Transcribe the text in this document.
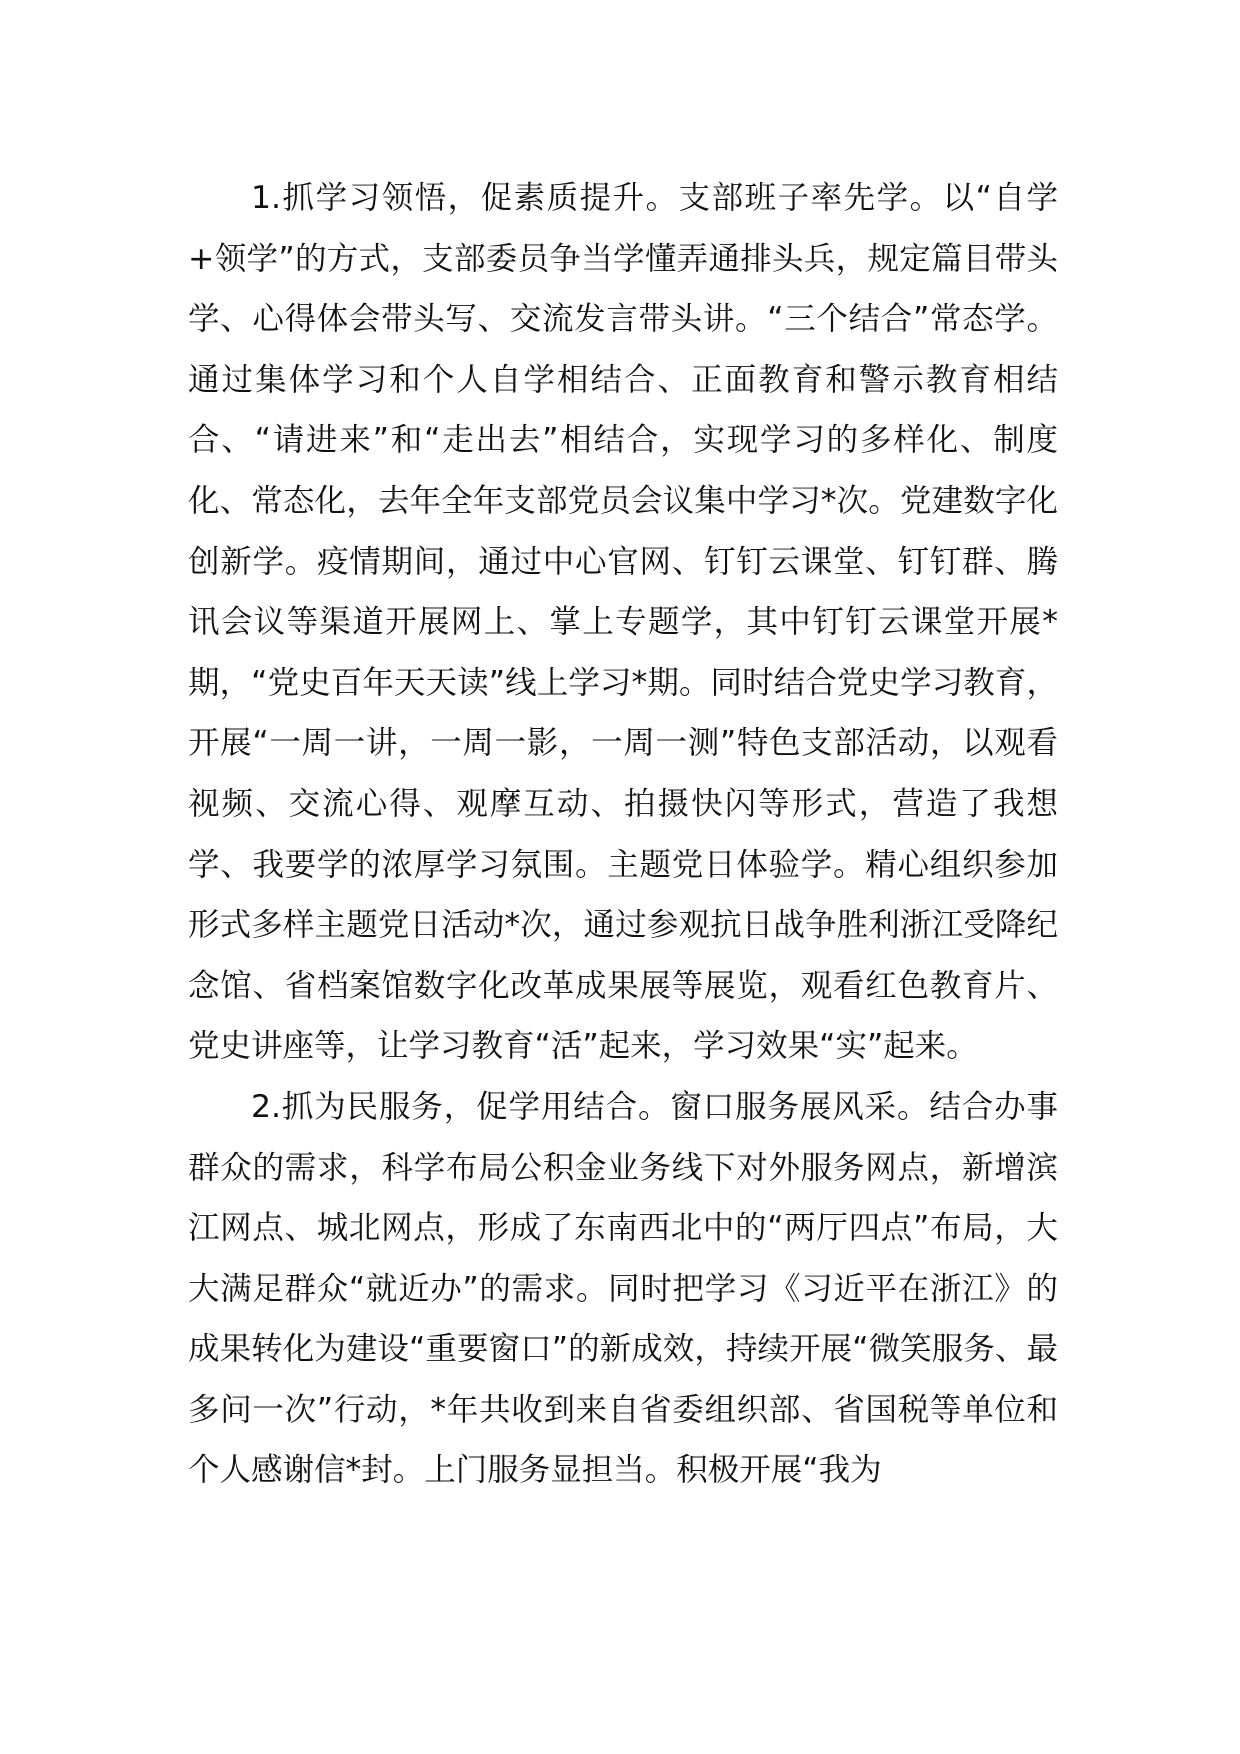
1.抓学习领悟，促素质提升。支部班子率先学。以“自学+领学”的方式，支部委员争当学懂弄通排头兵，规定篇目带头学、心得体会带头写、交流发言带头讲。“三个结合”常态学。通过集体学习和个人自学相结合、正面教育和警示教育相结合、“请进来”和“走出去”相结合，实现学习的多样化、制度化、常态化，去年全年支部党员会议集中学习*次。党建数字化创新学。疫情期间，通过中心官网、钉钉云课堂、钉钉群、腾讯会议等渠道开展网上、掌上专题学，其中钉钉云课堂开展*期，“党史百年天天读”线上学习*期。同时结合党史学习教育，开展“一周一讲，一周一影，一周一测”特色支部活动，以观看视频、交流心得、观摩互动、拍摄快闪等形式，营造了我想学、我要学的浓厚学习氛围。主题党日体验学。精心组织参加形式多样主题党日活动*次，通过参观抗日战争胜利浙江受降纪念馆、省档案馆数字化改革成果展等展览，观看红色教育片、党史讲座等，让学习教育“活”起来，学习效果“实”起来。

2.抓为民服务，促学用结合。窗口服务展风采。结合办事群众的需求，科学布局公积金业务线下对外服务网点，新增滨江网点、城北网点，形成了东南西北中的“两厅四点”布局，大大满足群众“就近办”的需求。同时把学习《习近平在浙江》的成果转化为建设“重要窗口”的新成效，持续开展“微笑服务、最多问一次”行动，*年共收到来自省委组织部、省国税等单位和个人感谢信*封。上门服务显担当。积极开展“我为
